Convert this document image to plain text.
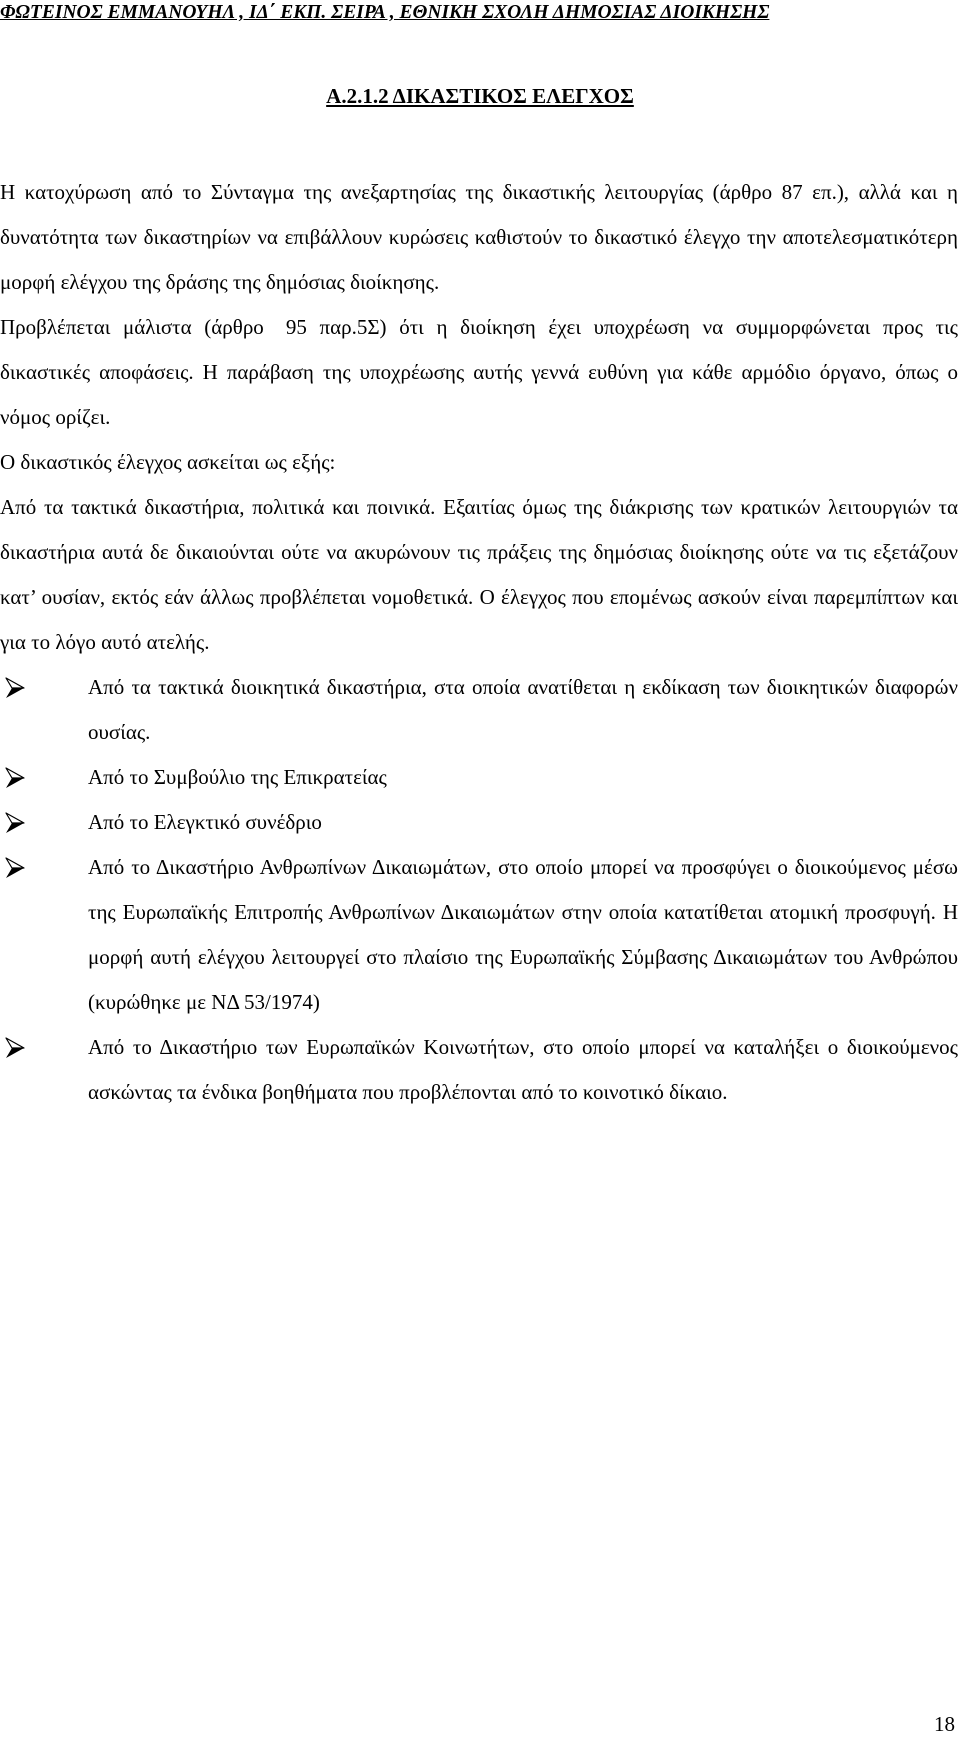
ΦΩΤΕΙΝΟΣ ΕΜΜΑΝΟΥΗΛ , ΙΔ΄ ΕΚΠ. ΣΕΙΡΑ , ΕΘΝΙΚΗ ΣΧΟΛΗ ΔΗΜΟΣΙΑΣ ΔΙΟΙΚΗΣΗΣ
Α.2.1.2 ΔΙΚΑΣΤΙΚΟΣ ΕΛΕΓΧΟΣ

Η κατοχύρωση από το Σύνταγμα της ανεξαρτησίας της δικαστικής λειτουργίας (άρθρο 87 επ.), αλλά και η δυνατότητα των δικαστηρίων να επιβάλλουν κυρώσεις καθιστούν το δικαστικό έλεγχο την αποτελεσματικότερη μορφή ελέγχου της δράσης της δημόσιας διοίκησης.

Προβλέπεται μάλιστα (άρθρο 95 παρ.5Σ) ότι η διοίκηση έχει υποχρέωση να συμμορφώνεται προς τις δικαστικές αποφάσεις. Η παράβαση της υποχρέωσης αυτής γεννά ευθύνη για κάθε αρμόδιο όργανο, όπως ο νόμος ορίζει.

Ο δικαστικός έλεγχος ασκείται ως εξής:

Από τα τακτικά δικαστήρια, πολιτικά και ποινικά. Εξαιτίας όμως της διάκρισης των κρατικών λειτουργιών τα δικαστήρια αυτά δε δικαιούνται ούτε να ακυρώνουν τις πράξεις της δημόσιας διοίκησης ούτε να τις εξετάζουν κατ’ ουσίαν, εκτός εάν άλλως προβλέπεται νομοθετικά. Ο έλεγχος που επομένως ασκούν είναι παρεμπίπτων και για το λόγο αυτό ατελής.

Από τα τακτικά διοικητικά δικαστήρια, στα οποία ανατίθεται η εκδίκαση των διοικητικών διαφορών ουσίας.
Από το Συμβούλιο της Επικρατείας
Από το Ελεγκτικό συνέδριο
Από το Δικαστήριο Ανθρωπίνων Δικαιωμάτων, στο οποίο μπορεί να προσφύγει ο διοικούμενος μέσω της Ευρωπαϊκής Επιτροπής Ανθρωπίνων Δικαιωμάτων στην οποία κατατίθεται ατομική προσφυγή. Η μορφή αυτή ελέγχου λειτουργεί στο πλαίσιο της Ευρωπαϊκής Σύμβασης Δικαιωμάτων του Ανθρώπου (κυρώθηκε με ΝΔ 53/1974)
Από το Δικαστήριο των Ευρωπαϊκών Κοινωτήτων, στο οποίο μπορεί να καταλήξει ο διοικούμενος ασκώντας τα ένδικα βοηθήματα που προβλέπονται από το κοινοτικό δίκαιο.
18
